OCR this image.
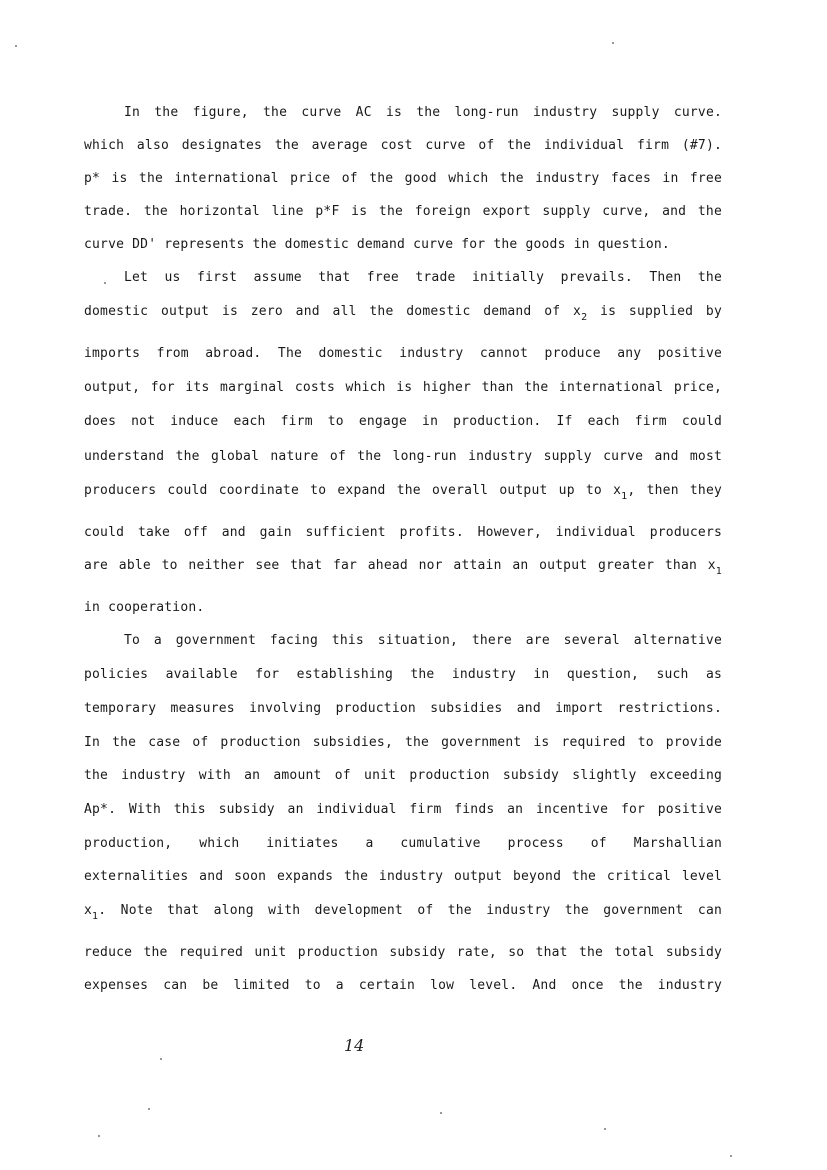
In the figure, the curve AC is the long-run industry supply curve.
which also designates the average cost curve of the individual firm (#7).
p* is the international price of the good which the industry faces in free
trade. the horizontal line p*F is the foreign export supply curve, and the
curve DD' represents the domestic demand curve for the goods in question.
Let us first assume that free trade initially prevails. Then the
domestic output is zero and all the domestic demand of $x_2$ is supplied by
imports from abroad. The domestic industry cannot produce any positive
output, for its marginal costs which is higher than the international price,
does not induce each firm to engage in production. If each firm could
understand the global nature of the long-run industry supply curve and most
producers could coordinate to expand the overall output up to $x_1$, then they
could take off and gain sufficient profits. However, individual producers
are able to neither see that far ahead nor attain an output greater than $x_1$
in cooperation.
To a government facing this situation, there are several alternative
policies available for establishing the industry in question, such as
temporary measures involving production subsidies and import restrictions.
In the case of production subsidies, the government is required to provide
the industry with an amount of unit production subsidy slightly exceeding
Ap*. With this subsidy an individual firm finds an incentive for positive
production, which initiates a cumulative process of Marshallian
externalities and soon expands the industry output beyond the critical level
$x_1$. Note that along with development of the industry the government can
reduce the required unit production subsidy rate, so that the total subsidy
expenses can be limited to a certain low level. And once the industry
14
